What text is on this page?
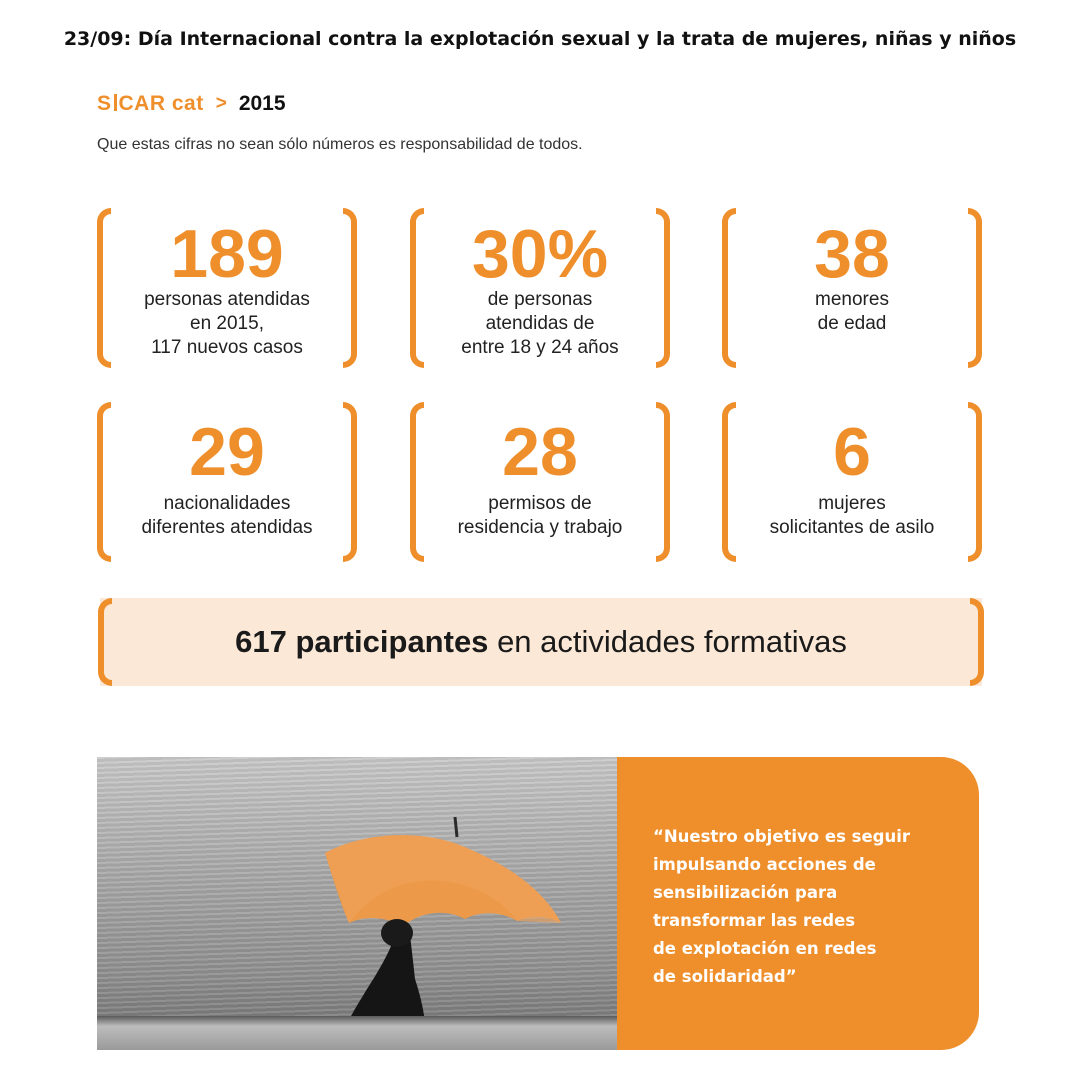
23/09: Día Internacional contra la explotación sexual y la trata de mujeres, niñas y niños
S CAR cat > 2015
Que estas cifras no sean sólo números es responsabilidad de todos.
189
personas atendidas
en 2015,
117 nuevos casos
30%
de personas
atendidas de
entre 18 y 24 años
38
menores
de edad
29
nacionalidades
diferentes atendidas
28
permisos de
residencia y trabajo
6
mujeres
solicitantes de asilo
617 participantes en actividades formativas
“Nuestro objetivo es seguir
impulsando acciones de
sensibilización para
transformar las redes
de explotación en redes
de solidaridad”
